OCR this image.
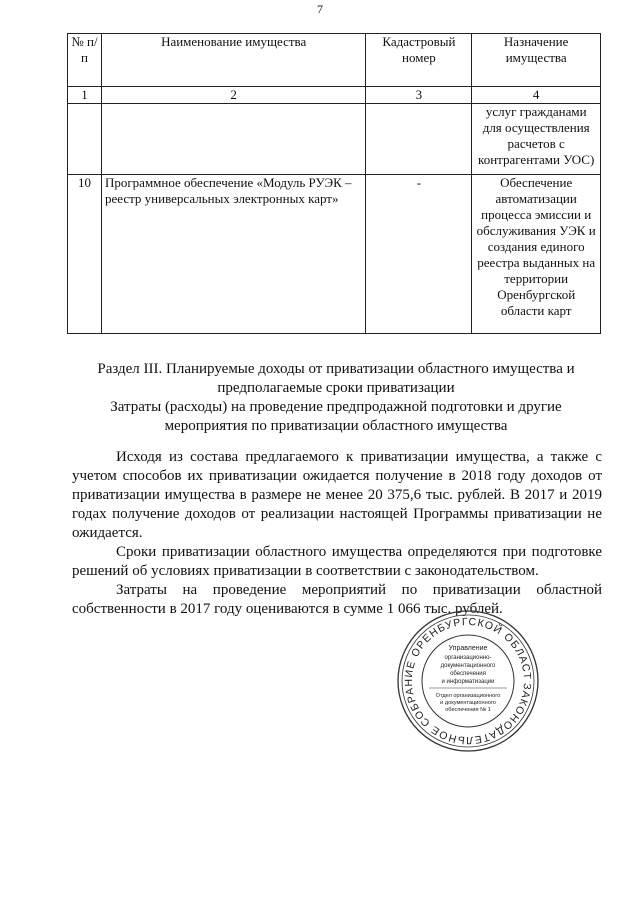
7
№ п/п	Наименование имущества	Кадастровый номер	Назначение имущества
1	2	3	4
			услуг гражданами для осуществления расчетов с контрагентами УОС)
10	Программное обеспечение «Модуль РУЭК – реестр универсальных электронных карт»	-	Обеспечение автоматизации процесса эмиссии и обслуживания УЭК и создания единого реестра выданных на территории Оренбургской области карт
Раздел III. Планируемые доходы от приватизации областного имущества и
предполагаемые сроки приватизации
Затраты (расходы) на проведение предпродажной подготовки и другие
мероприятия по приватизации областного имущества

Исходя из состава предлагаемого к приватизации имущества, а также с учетом способов их приватизации ожидается получение в 2018 году доходов от приватизации имущества в размере не менее 20 375,6 тыс. рублей. В 2017 и 2019 годах получение доходов от реализации настоящей Программы приватизации не ожидается.

Сроки приватизации областного имущества определяются при подготовке решений об условиях приватизации в соответствии с законодательством.

Затраты на проведение мероприятий по приватизации областной собственности в 2017 году оцениваются в сумме 1 066 тыс. рублей.

ЗАКОНОДАТЕЛЬНОЕ СОБРАНИЕ ОРЕНБУРГСКОЙ ОБЛАСТИ
Управление
организационно-
документационного
обеспечения
и информатизации
Отдел организационного
и документационного
обеспечения № 1
